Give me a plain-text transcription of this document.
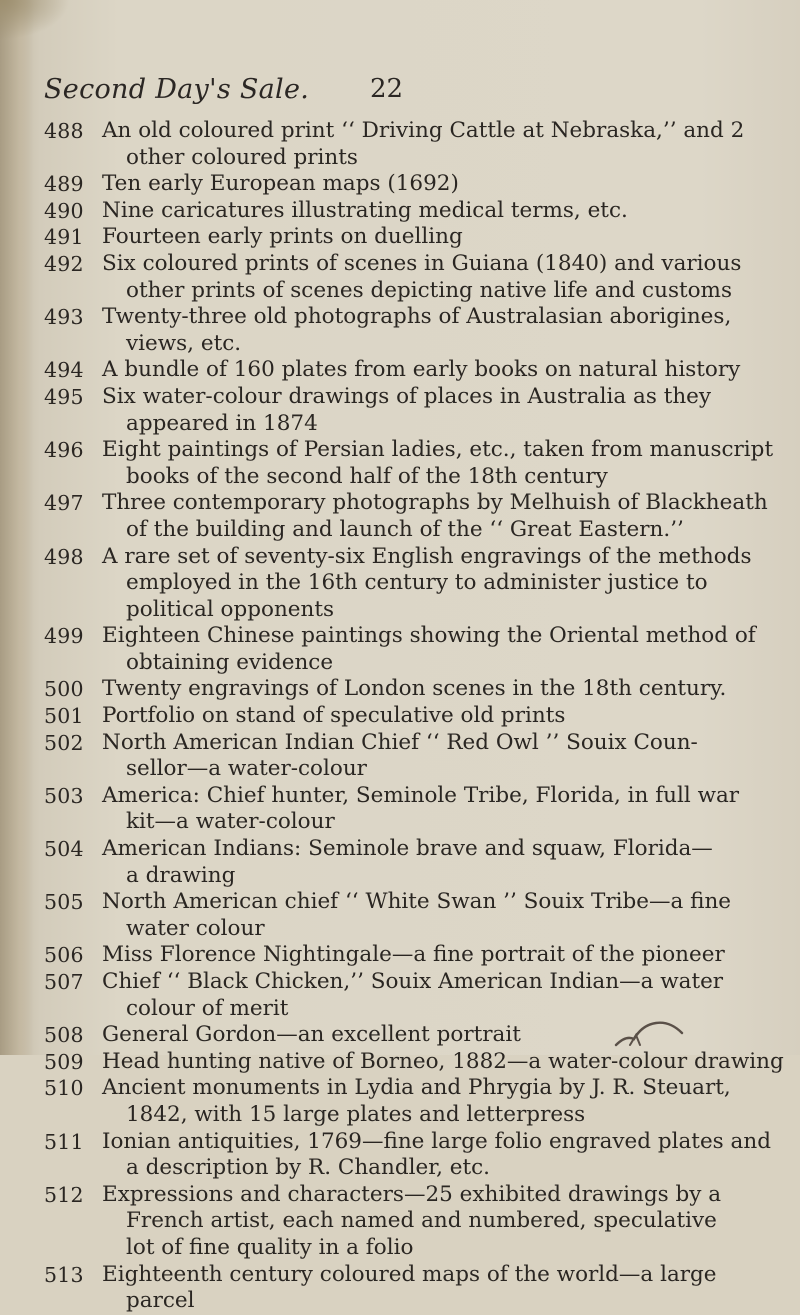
Second Day's Sale. 22
488 An old coloured print ‘‘ Driving Cattle at Nebraska,’’ and 2
other coloured prints
489 Ten early European maps (1692)
490 Nine caricatures illustrating medical terms, etc.
491 Fourteen early prints on duelling
492 Six coloured prints of scenes in Guiana (1840) and various
other prints of scenes depicting native life and customs
493 Twenty-three old photographs of Australasian aborigines,
views, etc.
494 A bundle of 160 plates from early books on natural history
495 Six water-colour drawings of places in Australia as they
appeared in 1874
496 Eight paintings of Persian ladies, etc., taken from manuscript
books of the second half of the 18th century
497 Three contemporary photographs by Melhuish of Blackheath
of the building and launch of the ‘‘ Great Eastern.’’
498 A rare set of seventy-six English engravings of the methods
employed in the 16th century to administer justice to
political opponents
499 Eighteen Chinese paintings showing the Oriental method of
obtaining evidence
500 Twenty engravings of London scenes in the 18th century.
501 Portfolio on stand of speculative old prints
502 North American Indian Chief ‘‘ Red Owl ’’ Souix Coun-
sellor—a water-colour
503 America: Chief hunter, Seminole Tribe, Florida, in full war
kit—a water-colour
504 American Indians: Seminole brave and squaw, Florida—
a drawing
505 North American chief ‘‘ White Swan ’’ Souix Tribe—a fine
water colour
506 Miss Florence Nightingale—a fine portrait of the pioneer
507 Chief ‘‘ Black Chicken,’’ Souix American Indian—a water
colour of merit
508 General Gordon—an excellent portrait
509 Head hunting native of Borneo, 1882—a water-colour drawing
510 Ancient monuments in Lydia and Phrygia by J. R. Steuart,
1842, with 15 large plates and letterpress
511 Ionian antiquities, 1769—fine large folio engraved plates and
a description by R. Chandler, etc.
512 Expressions and characters—25 exhibited drawings by a
French artist, each named and numbered, speculative
lot of fine quality in a folio
513 Eighteenth century coloured maps of the world—a large
parcel
